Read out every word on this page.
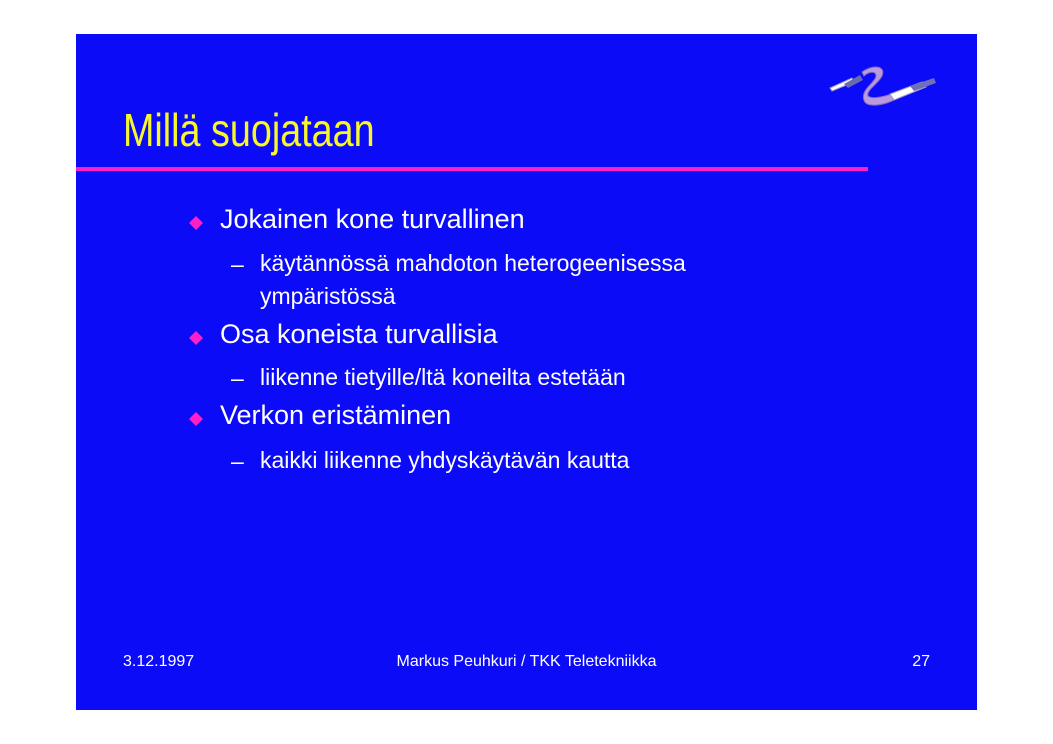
Millä suojataan
Jokainen kone turvallinen
– käytännössä mahdoton heterogeenisessa ympäristössä
Osa koneista turvallisia
– liikenne tietyille/ltä koneilta estetään
Verkon eristäminen
– kaikki liikenne yhdyskäytävän kautta
3.12.1997	Markus Peuhkuri / TKK Teletekniikka	27
